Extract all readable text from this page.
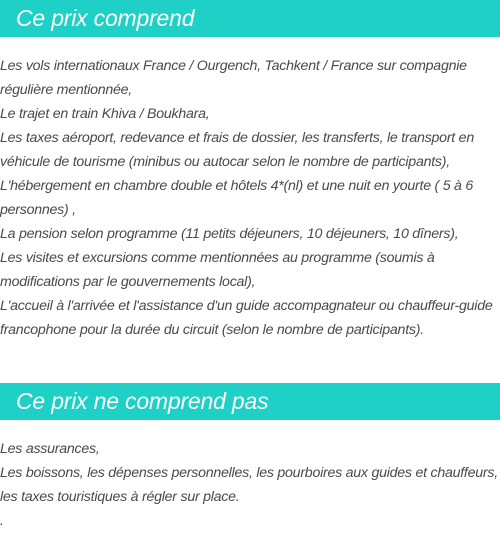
Ce prix comprend

Les vols internationaux France / Ourgench, Tachkent / France sur compagnie régulière mentionnée,

Le trajet en train Khiva / Boukhara,

Les taxes aéroport, redevance et frais de dossier, les transferts, le transport en véhicule de tourisme (minibus ou autocar selon le nombre de participants),

L'hébergement en chambre double et hôtels 4*(nl) et une nuit en yourte ( 5 à 6 personnes) ,

La pension selon programme (11 petits déjeuners, 10 déjeuners, 10 dîners),

Les visites et excursions comme mentionnées au programme (soumis à modifications par le gouvernements local),

L'accueil à l'arrivée et l'assistance d'un guide accompagnateur ou chauffeur-guide francophone pour la durée du circuit (selon le nombre de participants).

Ce prix ne comprend pas

Les assurances,

Les boissons, les dépenses personnelles, les pourboires aux guides et chauffeurs, les taxes touristiques à régler sur place.

.
